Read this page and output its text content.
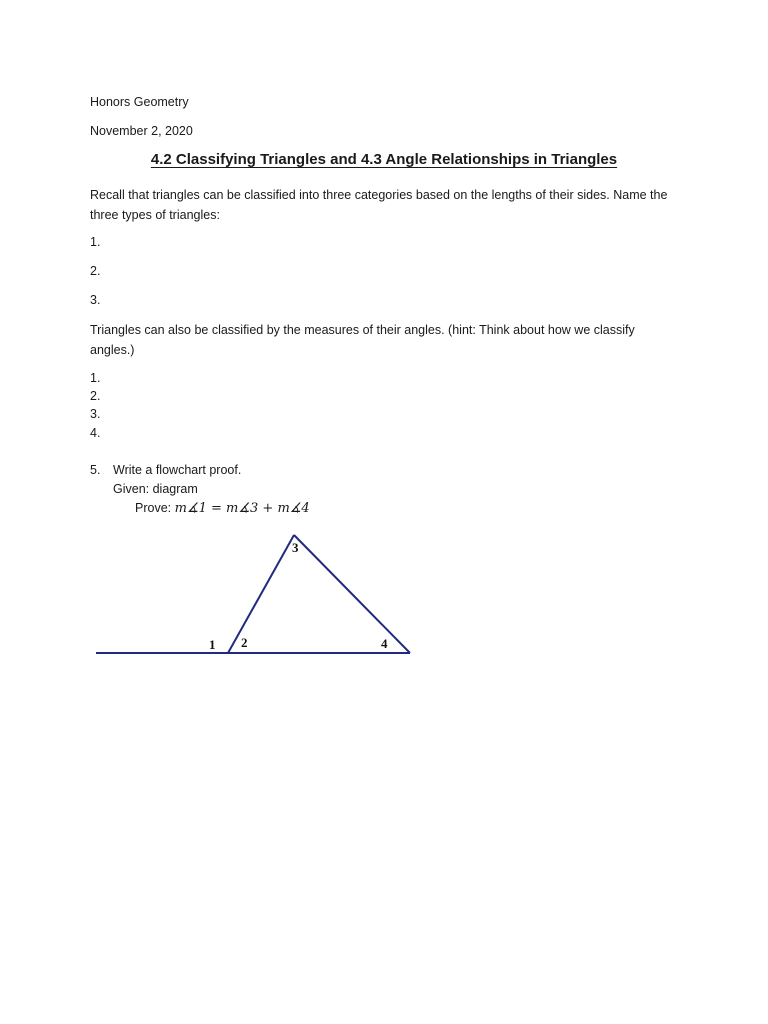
Honors Geometry
November 2, 2020
4.2 Classifying Triangles and 4.3 Angle Relationships in Triangles
Recall that triangles can be classified into three categories based on the lengths of their sides. Name the three types of triangles:
1.
2.
3.
Triangles can also be classified by the measures of their angles. (hint: Think about how we classify angles.)
1.
2.
3.
4.
5. Write a flowchart proof.
Given: diagram
Prove: m∡1 = m∡3 + m∡4
1 2
3
4
